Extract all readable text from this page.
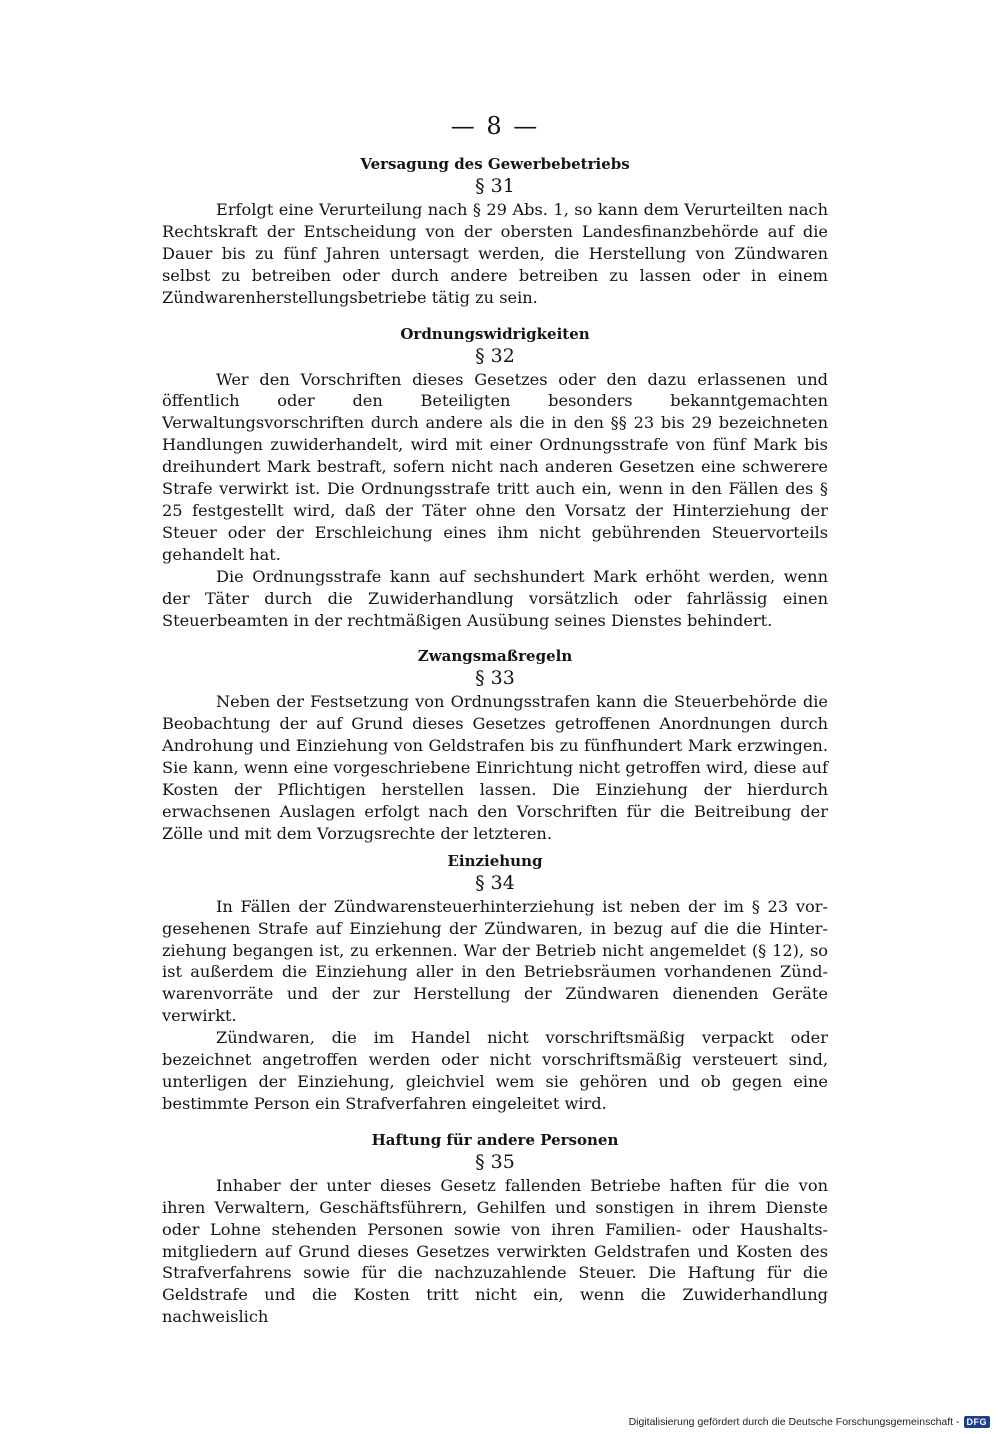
— 8 —
Versagung des Gewerbebetriebs
§ 31

Erfolgt eine Verurteilung nach § 29 Abs. 1, so kann dem Verurteilten nach Rechtskraft der Entscheidung von der obersten Landesfinanzbehörde auf die Dauer bis zu fünf Jahren untersagt werden, die Herstellung von Zündwaren selbst zu betreiben oder durch andere betreiben zu lassen oder in einem Zündwarenherstellungsbetriebe tätig zu sein.

Ordnungswidrigkeiten
§ 32

Wer den Vorschriften dieses Gesetzes oder den dazu erlassenen und öffentlich oder den Beteiligten besonders bekanntgemachten Verwaltungsvorschriften durch andere als die in den §§ 23 bis 29 bezeichneten Handlungen zuwiderhandelt, wird mit einer Ordnungsstrafe von fünf Mark bis dreihundert Mark bestraft, sofern nicht nach anderen Gesetzen eine schwerere Strafe verwirkt ist. Die Ordnungsstrafe tritt auch ein, wenn in den Fällen des § 25 festgestellt wird, daß der Täter ohne den Vorsatz der Hinterziehung der Steuer oder der Erschleichung eines ihm nicht gebührenden Steuervorteils gehandelt hat.

Die Ordnungsstrafe kann auf sechshundert Mark erhöht werden, wenn der Täter durch die Zuwiderhandlung vorsätzlich oder fahrlässig einen Steuerbeamten in der rechtmäßigen Ausübung seines Dienstes behindert.

Zwangsmaßregeln
§ 33

Neben der Festsetzung von Ordnungsstrafen kann die Steuerbehörde die Beobachtung der auf Grund dieses Gesetzes getroffenen Anordnungen durch Androhung und Einziehung von Geldstrafen bis zu fünfhundert Mark erzwingen. Sie kann, wenn eine vorgeschriebene Einrichtung nicht getroffen wird, diese auf Kosten der Pflichtigen herstellen lassen. Die Einziehung der hierdurch erwachsenen Auslagen erfolgt nach den Vorschriften für die Beitreibung der Zölle und mit dem Vorzugsrechte der letzteren.

Einziehung
§ 34

In Fällen der Zündwarensteuerhinterziehung ist neben der im § 23 vorgesehenen Strafe auf Einziehung der Zündwaren, in bezug auf die die Hinterziehung begangen ist, zu erkennen. War der Betrieb nicht angemeldet (§ 12), so ist außerdem die Einziehung aller in den Betriebsräumen vorhandenen Zündwarenvorräte und der zur Herstellung der Zündwaren dienenden Geräte verwirkt.

Zündwaren, die im Handel nicht vorschriftsmäßig verpackt oder bezeichnet angetroffen werden oder nicht vorschriftsmäßig versteuert sind, unterligen der Einziehung, gleichviel wem sie gehören und ob gegen eine bestimmte Person ein Strafverfahren eingeleitet wird.

Haftung für andere Personen
§ 35

Inhaber der unter dieses Gesetz fallenden Betriebe haften für die von ihren Verwaltern, Geschäftsführern, Gehilfen und sonstigen in ihrem Dienste oder Lohne stehenden Personen sowie von ihren Familien- oder Haushaltsmitgliedern auf Grund dieses Gesetzes verwirkten Geldstrafen und Kosten des Strafverfahrens sowie für die nachzuzahlende Steuer. Die Haftung für die Geldstrafe und die Kosten tritt nicht ein, wenn die Zuwiderhandlung nachweislich

Digitalisierung gefördert durch die Deutsche Forschungsgemeinschaft - DFG
